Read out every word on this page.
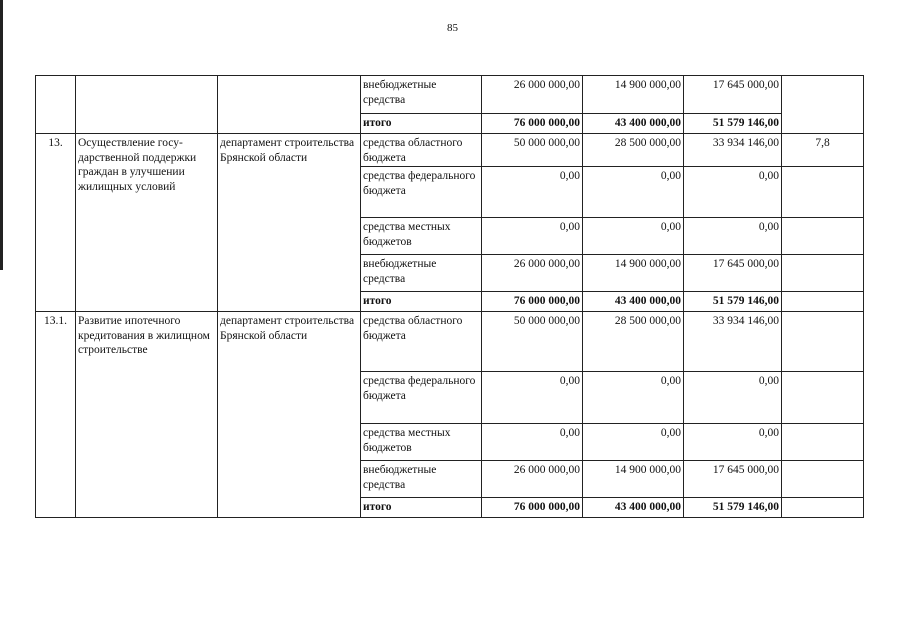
85
			внебюджетные средства	26 000 000,00	14 900 000,00	17 645 000,00	
			итого	76 000 000,00	43 400 000,00	51 579 146,00	
13.	Осуществление госу-дарственной поддержки граждан в улучшении жилищных условий	департамент строительства Брянской области	средства областного бюджета	50 000 000,00	28 500 000,00	33 934 146,00	7,8
			средства федерального бюджета	0,00	0,00	0,00	
			средства местных бюджетов	0,00	0,00	0,00	
			внебюджетные средства	26 000 000,00	14 900 000,00	17 645 000,00	
			итого	76 000 000,00	43 400 000,00	51 579 146,00	
13.1.	Развитие ипотечного кредитования в жилищном строительстве	департамент строительства Брянской области	средства областного бюджета	50 000 000,00	28 500 000,00	33 934 146,00	
			средства федерального бюджета	0,00	0,00	0,00	
			средства местных бюджетов	0,00	0,00	0,00	
			внебюджетные средства	26 000 000,00	14 900 000,00	17 645 000,00	
			итого	76 000 000,00	43 400 000,00	51 579 146,00	
